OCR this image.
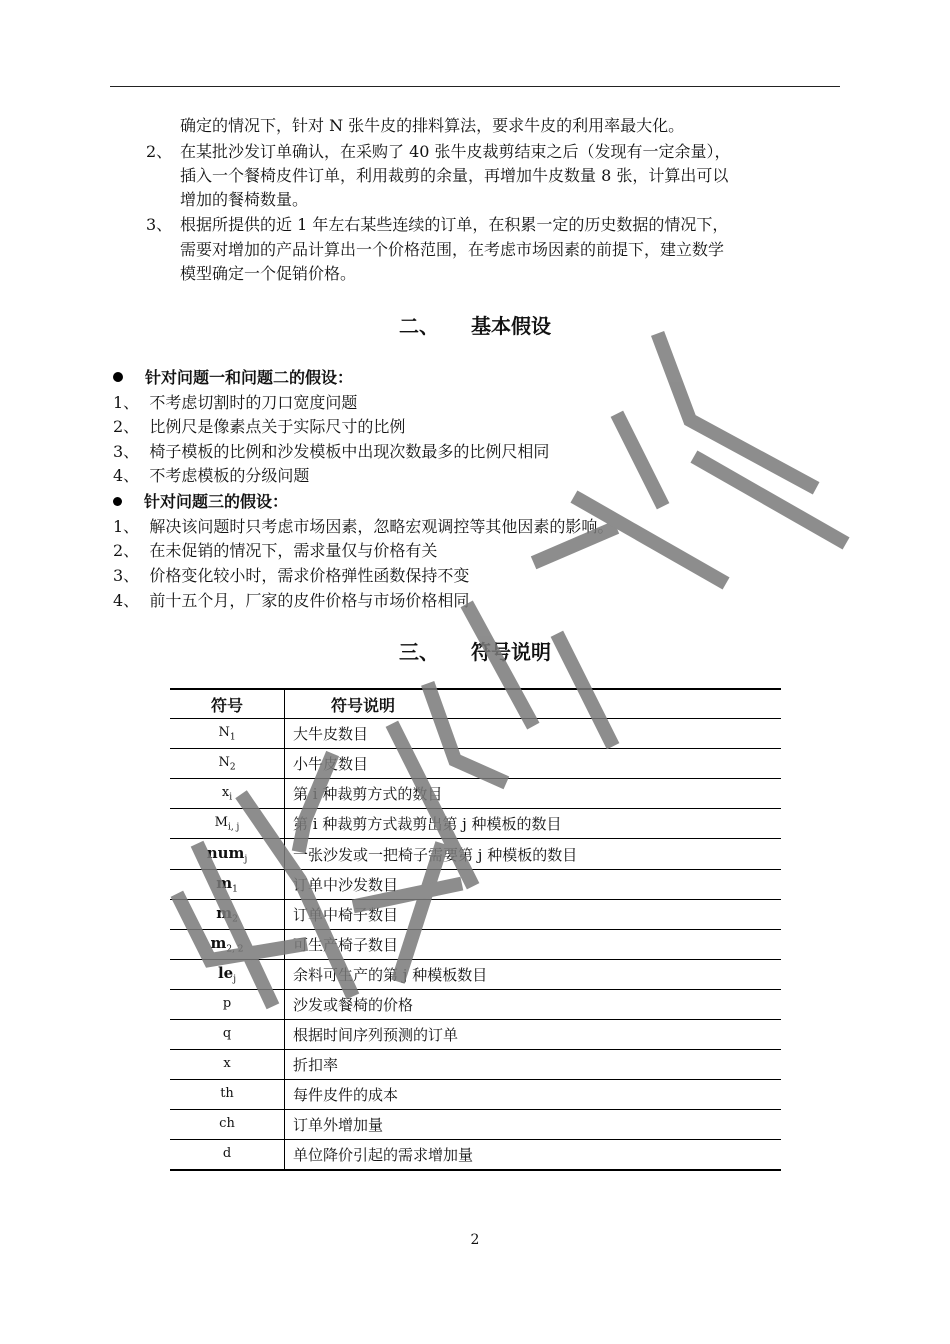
确定的情况下，针对 N 张牛皮的排料算法，要求牛皮的利用率最大化。
2、 在某批沙发订单确认，在采购了 40 张牛皮裁剪结束之后（发现有一定余量），
插入一个餐椅皮件订单，利用裁剪的余量，再增加牛皮数量 8 张，计算出可以
增加的餐椅数量。
3、 根据所提供的近 1 年左右某些连续的订单，在积累一定的历史数据的情况下，
需要对增加的产品计算出一个价格范围，在考虑市场因素的前提下，建立数学
模型确定一个促销价格。
二、 基本假设
针对问题一和问题二的假设：
1、 不考虑切割时的刀口宽度问题
2、 比例尺是像素点关于实际尺寸的比例
3、 椅子模板的比例和沙发模板中出现次数最多的比例尺相同
4、 不考虑模板的分级问题
针对问题三的假设：
1、 解决该问题时只考虑市场因素，忽略宏观调控等其他因素的影响。
2、 在未促销的情况下，需求量仅与价格有关
3、 价格变化较小时，需求价格弹性函数保持不变
4、 前十五个月，厂家的皮件价格与市场价格相同
三、 符号说明
符号	符号说明
$N_1$	大牛皮数目
$N_2$	小牛皮数目
$x_i$	第 i 种裁剪方式的数目
$M_{i, j}$	第 i 种裁剪方式裁剪出第 j 种模板的数目
num$_j$	一张沙发或一把椅子需要第 j 种模板的数目
$m_1$	订单中沙发数目
$m_2$	订单中椅子数目
$m_{2, 2}$	可生产椅子数目
$le_j$	余料可生产的第 j 种模板数目
p	沙发或餐椅的价格
q	根据时间序列预测的订单
x	折扣率
th	每件皮件的成本
ch	订单外增加量
d	单位降价引起的需求增加量
2
